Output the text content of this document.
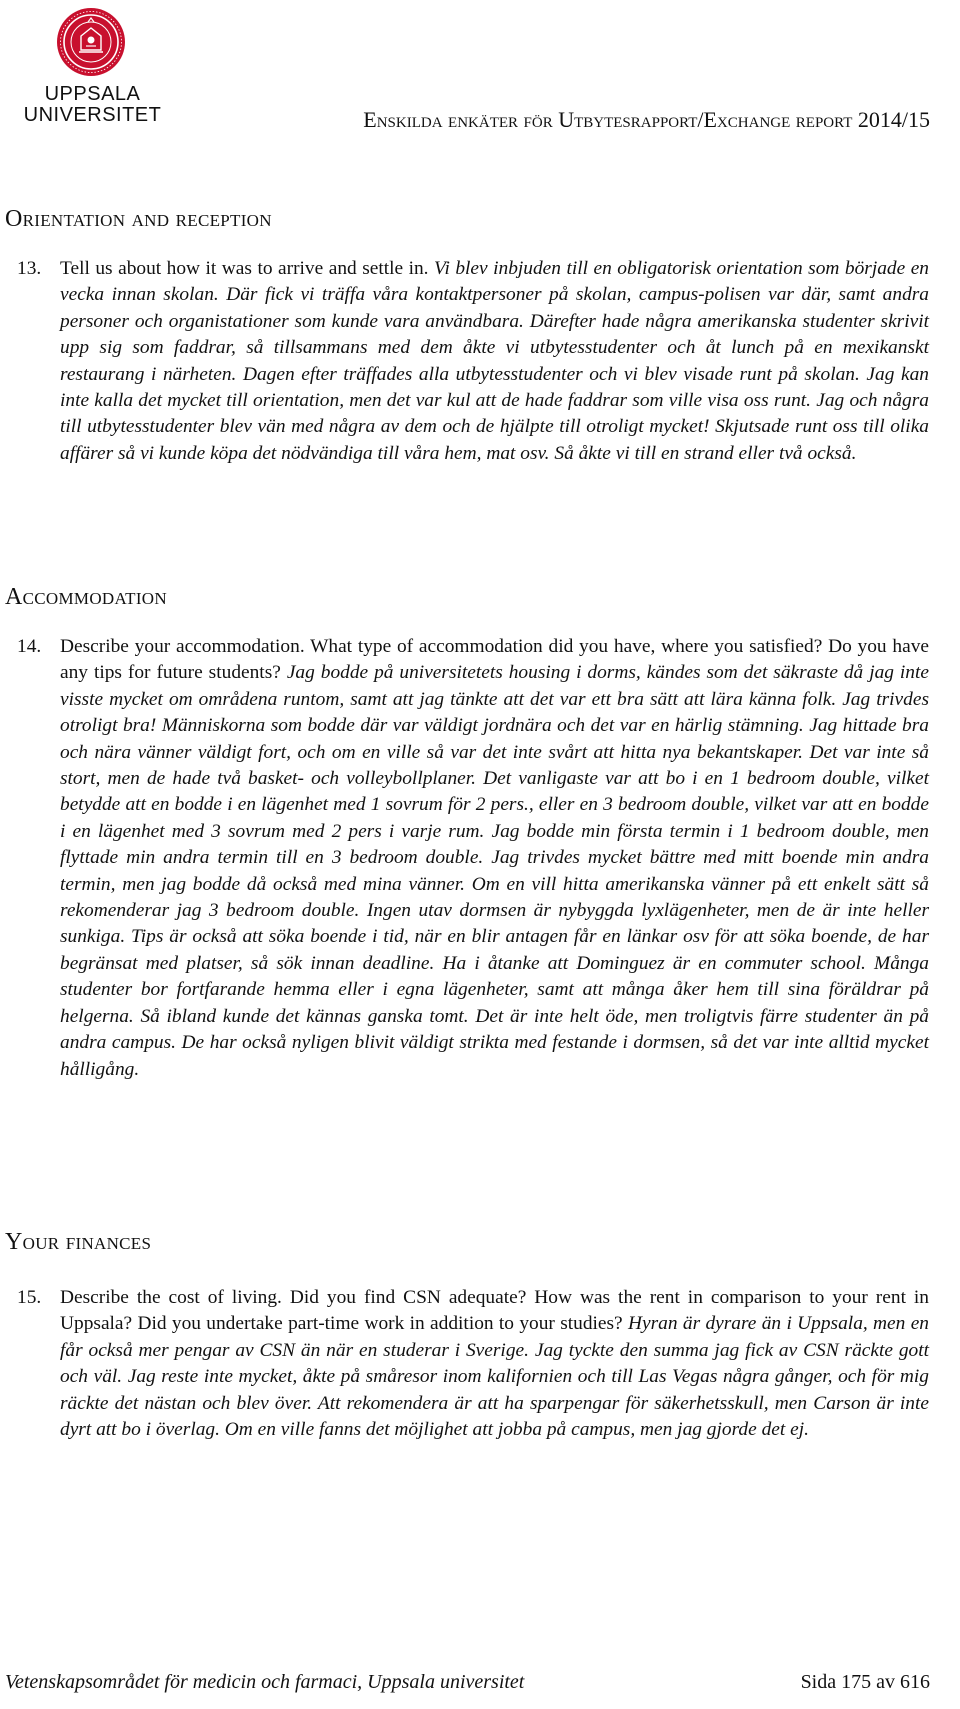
UPPSALA
UNIVERSITET	Enskilda enkäter för Utbytesrapport/Exchange report 2014/15
Orientation and reception
13. Tell us about how it was to arrive and settle in. Vi blev inbjuden till en obligatorisk orientation som började en vecka innan skolan. Där fick vi träffa våra kontaktpersoner på skolan, campus-polisen var där, samt andra personer och organistationer som kunde vara användbara. Därefter hade några amerikanska studenter skrivit upp sig som faddrar, så tillsammans med dem åkte vi utbytesstudenter och åt lunch på en mexikanskt restaurang i närheten. Dagen efter träffades alla utbytesstudenter och vi blev visade runt på skolan. Jag kan inte kalla det mycket till orientation, men det var kul att de hade faddrar som ville visa oss runt. Jag och några till utbytesstudenter blev vän med några av dem och de hjälpte till otroligt mycket! Skjutsade runt oss till olika affärer så vi kunde köpa det nödvändiga till våra hem, mat osv. Så åkte vi till en strand eller två också.
Accommodation
14. Describe your accommodation. What type of accommodation did you have, where you satisfied? Do you have any tips for future students? Jag bodde på universitetets housing i dorms, kändes som det säkraste då jag inte visste mycket om områdena runtom, samt att jag tänkte att det var ett bra sätt att lära känna folk. Jag trivdes otroligt bra! Människorna som bodde där var väldigt jordnära och det var en härlig stämning. Jag hittade bra och nära vänner väldigt fort, och om en ville så var det inte svårt att hitta nya bekantskaper. Det var inte så stort, men de hade två basket- och volleybollplaner. Det vanligaste var att bo i en 1 bedroom double, vilket betydde att en bodde i en lägenhet med 1 sovrum för 2 pers., eller en 3 bedroom double, vilket var att en bodde i en lägenhet med 3 sovrum med 2 pers i varje rum. Jag bodde min första termin i 1 bedroom double, men flyttade min andra termin till en 3 bedroom double. Jag trivdes mycket bättre med mitt boende min andra termin, men jag bodde då också med mina vänner. Om en vill hitta amerikanska vänner på ett enkelt sätt så rekomenderar jag 3 bedroom double. Ingen utav dormsen är nybyggda lyxlägenheter, men de är inte heller sunkiga. Tips är också att söka boende i tid, när en blir antagen får en länkar osv för att söka boende, de har begränsat med platser, så sök innan deadline. Ha i åtanke att Dominguez är en commuter school. Många studenter bor fortfarande hemma eller i egna lägenheter, samt att många åker hem till sina föräldrar på helgerna. Så ibland kunde det kännas ganska tomt. Det är inte helt öde, men troligtvis färre studenter än på andra campus. De har också nyligen blivit väldigt strikta med festande i dormsen, så det var inte alltid mycket hålligång.
Your finances
15. Describe the cost of living. Did you find CSN adequate? How was the rent in comparison to your rent in Uppsala? Did you undertake part-time work in addition to your studies? Hyran är dyrare än i Uppsala, men en får också mer pengar av CSN än när en studerar i Sverige. Jag tyckte den summa jag fick av CSN räckte gott och väl. Jag reste inte mycket, åkte på småresor inom kalifornien och till Las Vegas några gånger, och för mig räckte det nästan och blev över. Att rekomendera är att ha sparpengar för säkerhetsskull, men Carson är inte dyrt att bo i överlag. Om en ville fanns det möjlighet att jobba på campus, men jag gjorde det ej.
Vetenskapsområdet för medicin och farmaci, Uppsala universitet	Sida 175 av 616
